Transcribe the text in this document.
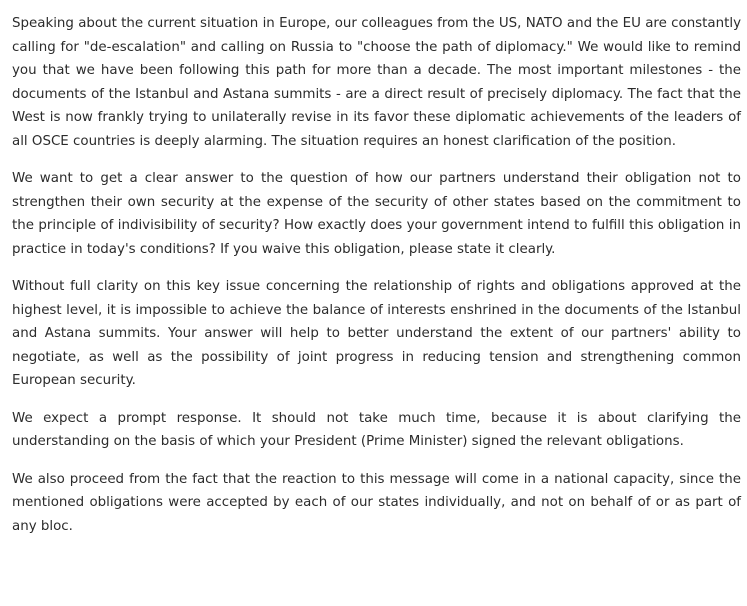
Speaking about the current situation in Europe, our colleagues from the US, NATO and the EU are constantly calling for "de-escalation" and calling on Russia to "choose the path of diplomacy." We would like to remind you that we have been following this path for more than a decade. The most important milestones - the documents of the Istanbul and Astana summits - are a direct result of precisely diplomacy. The fact that the West is now frankly trying to unilaterally revise in its favor these diplomatic achievements of the leaders of all OSCE countries is deeply alarming. The situation requires an honest clarification of the position.

We want to get a clear answer to the question of how our partners understand their obligation not to strengthen their own security at the expense of the security of other states based on the commitment to the principle of indivisibility of security? How exactly does your government intend to fulfill this obligation in practice in today's conditions? If you waive this obligation, please state it clearly.

Without full clarity on this key issue concerning the relationship of rights and obligations approved at the highest level, it is impossible to achieve the balance of interests enshrined in the documents of the Istanbul and Astana summits. Your answer will help to better understand the extent of our partners' ability to negotiate, as well as the possibility of joint progress in reducing tension and strengthening common European security.

We expect a prompt response. It should not take much time, because it is about clarifying the understanding on the basis of which your President (Prime Minister) signed the relevant obligations.

We also proceed from the fact that the reaction to this message will come in a national capacity, since the mentioned obligations were accepted by each of our states individually, and not on behalf of or as part of any bloc.
